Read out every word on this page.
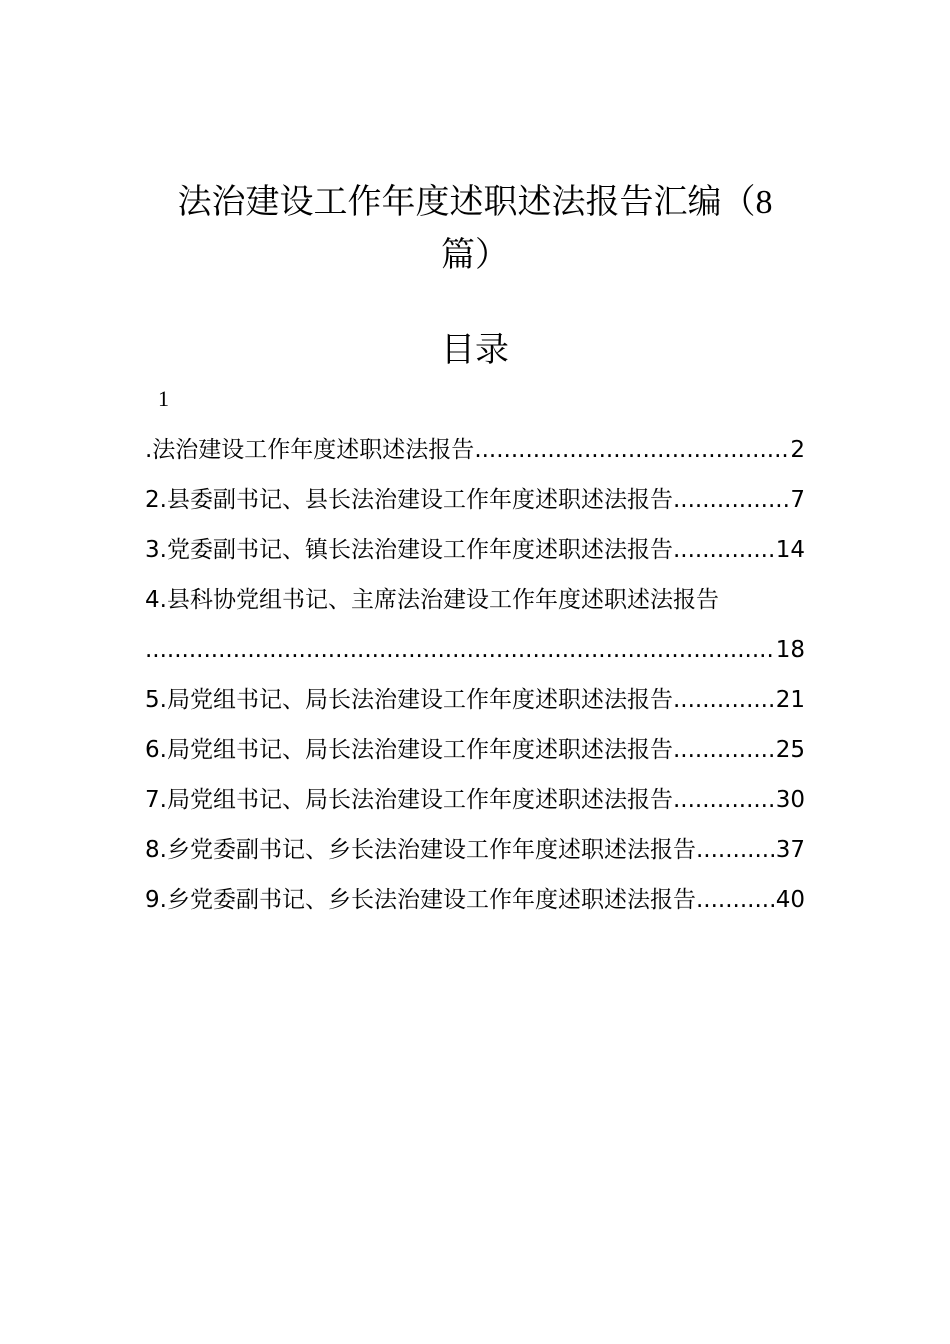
法治建设工作年度述职述法报告汇编（8
篇）
目录
1
.法治建设工作年度述职述法报告 .....	2
2.县委副书记、县长法治建设工作年度述职述法报告 .....	7
3.党委副书记、镇长法治建设工作年度述职述法报告 .....	14
4.县科协党组书记、主席法治建设工作年度述职述法报告
.....
18
5.局党组书记、局长法治建设工作年度述职述法报告 .....	21
6.局党组书记、局长法治建设工作年度述职述法报告 .....	25
7.局党组书记、局长法治建设工作年度述职述法报告 .....	30
8.乡党委副书记、乡长法治建设工作年度述职述法报告 .....	37
9.乡党委副书记、乡长法治建设工作年度述职述法报告 .....	40
